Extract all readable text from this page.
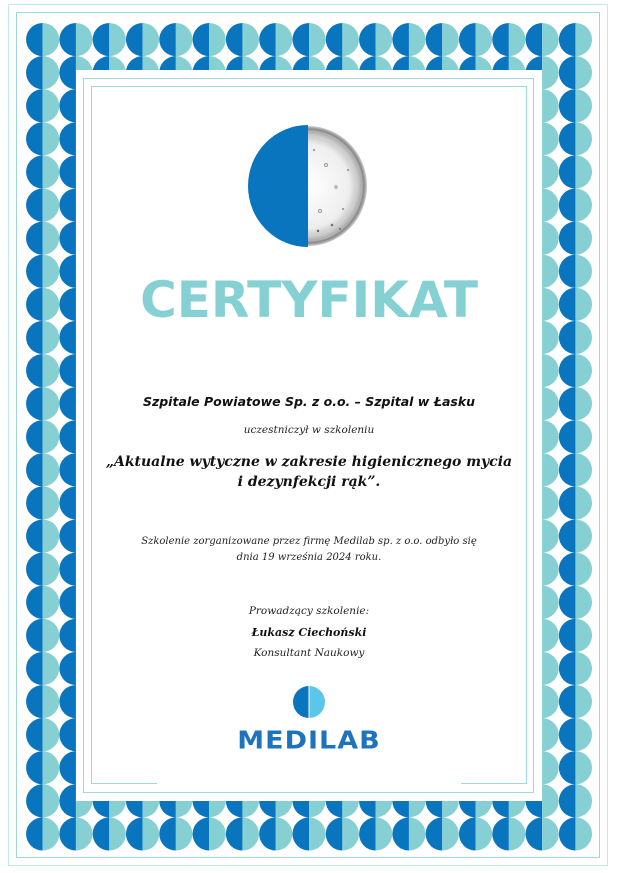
CERTYFIKAT
Szpitale Powiatowe Sp. z o.o. – Szpital w Łasku
uczestniczył w szkoleniu
„Aktualne wytyczne w zakresie higienicznego mycia
i dezynfekcji rąk”.
Szkolenie zorganizowane przez firmę Medilab sp. z o.o. odbyło się
dnia 19 września 2024 roku.
Prowadzący szkolenie:
Łukasz Ciechoński
Konsultant Naukowy
MEDILAB
